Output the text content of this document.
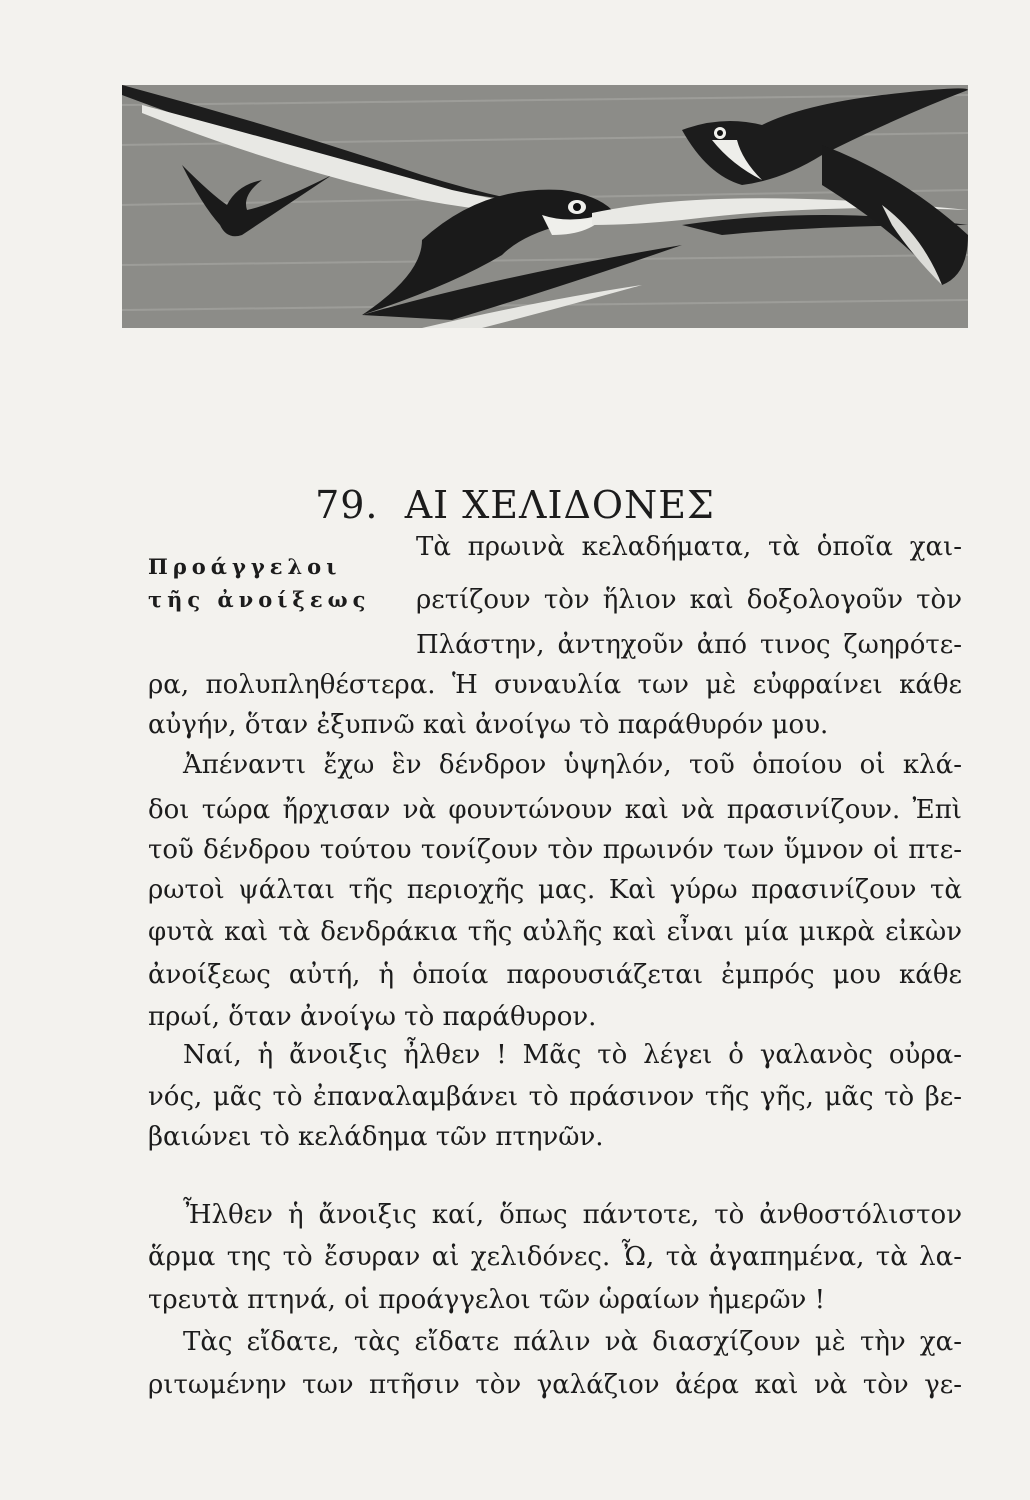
79. ΑΙ ΧΕΛΙΔΟΝΕΣ
Πρoάγγελοι
τῆς ἀνοίξεως
Τὰ πρωινὰ κελαδήματα, τὰ ὁποῖα χαι-
ρετίζουν τὸν ἥλιον καὶ δοξολογοῦν τὸν
Πλάστην, ἀντηχοῦν ἀπό τινος ζωηρότε-
ρα, πολυπληθέστερα. Ἡ συναυλία των μὲ εὐφραίνει κάθε
αὐγήν, ὅταν ἐξυπνῶ καὶ ἀνοίγω τὸ παράθυρόν μου.
Ἀπέναντι ἔχω ἓν δένδρον ὑψηλόν, τοῦ ὁποίου οἱ κλά-
δοι τώρα ἤρχισαν νὰ φουντώνουν καὶ νὰ πρασινίζουν. Ἐπὶ
τοῦ δένδρου τούτου τονίζουν τὸν πρωινόν των ὕμνον οἱ πτε-
ρωτοὶ ψάλται τῆς περιοχῆς μας. Καὶ γύρω πρασινίζουν τὰ
φυτὰ καὶ τὰ δενδράκια τῆς αὐλῆς καὶ εἶναι μία μικρὰ εἰκὼν
ἀνοίξεως αὐτή, ἡ ὁποία παρουσιάζεται ἐμπρός μου κάθε
πρωί, ὅταν ἀνοίγω τὸ παράθυρον.
Ναί, ἡ ἄνοιξις ἦλθεν ! Μᾶς τὸ λέγει ὁ γαλανὸς οὐρα-
νός, μᾶς τὸ ἐπαναλαμβάνει τὸ πράσινον τῆς γῆς, μᾶς τὸ βε-
βαιώνει τὸ κελάδημα τῶν πτηνῶν.
Ἦλθεν ἡ ἄνοιξις καί, ὅπως πάντοτε, τὸ ἀνθοστόλιστον
ἅρμα της τὸ ἔσυραν αἱ χελιδόνες. Ὦ, τὰ ἀγαπημένα, τὰ λα-
τρευτὰ πτηνά, οἱ προάγγελοι τῶν ὡραίων ἡμερῶν !
Τὰς εἴδατε, τὰς εἴδατε πάλιν νὰ διασχίζουν μὲ τὴν χα-
ριτωμένην των πτῆσιν τὸν γαλάζιον ἀέρα καὶ νὰ τὸν γε-
